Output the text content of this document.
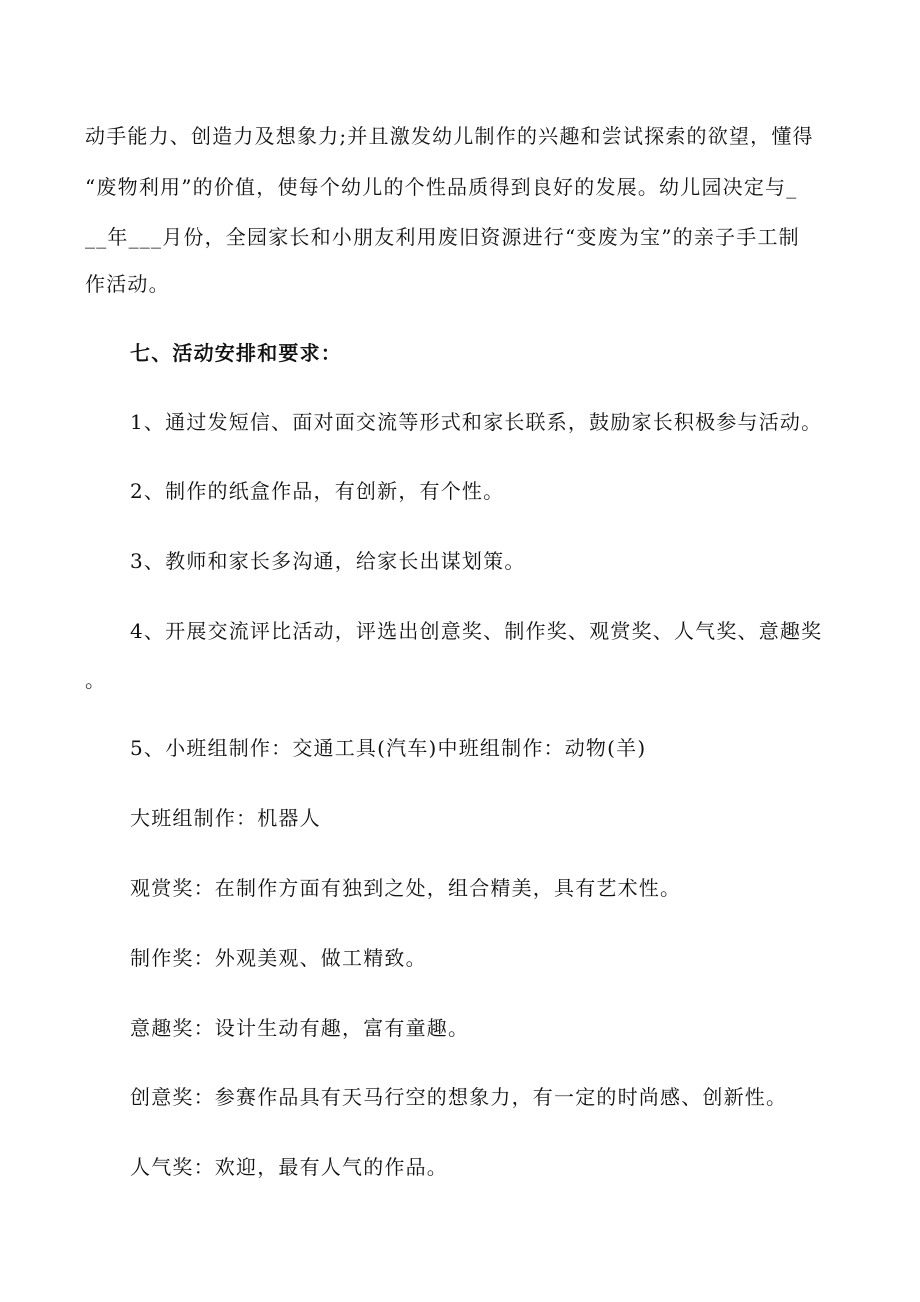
动手能力、创造力及想象力;并且激发幼儿制作的兴趣和尝试探索的欲望，懂得
“废物利用”的价值，使每个幼儿的个性品质得到良好的发展。幼儿园决定与_
__年___月份，全园家长和小朋友利用废旧资源进行“变废为宝”的亲子手工制
作活动。
七、活动安排和要求：
1、通过发短信、面对面交流等形式和家长联系，鼓励家长积极参与活动。
2、制作的纸盒作品，有创新，有个性。
3、教师和家长多沟通，给家长出谋划策。
4、开展交流评比活动，评选出创意奖、制作奖、观赏奖、人气奖、意趣奖
。
5、小班组制作：交通工具(汽车)中班组制作：动物(羊)
大班组制作：机器人
观赏奖：在制作方面有独到之处，组合精美，具有艺术性。
制作奖：外观美观、做工精致。
意趣奖：设计生动有趣，富有童趣。
创意奖：参赛作品具有天马行空的想象力，有一定的时尚感、创新性。
人气奖：欢迎，最有人气的作品。
